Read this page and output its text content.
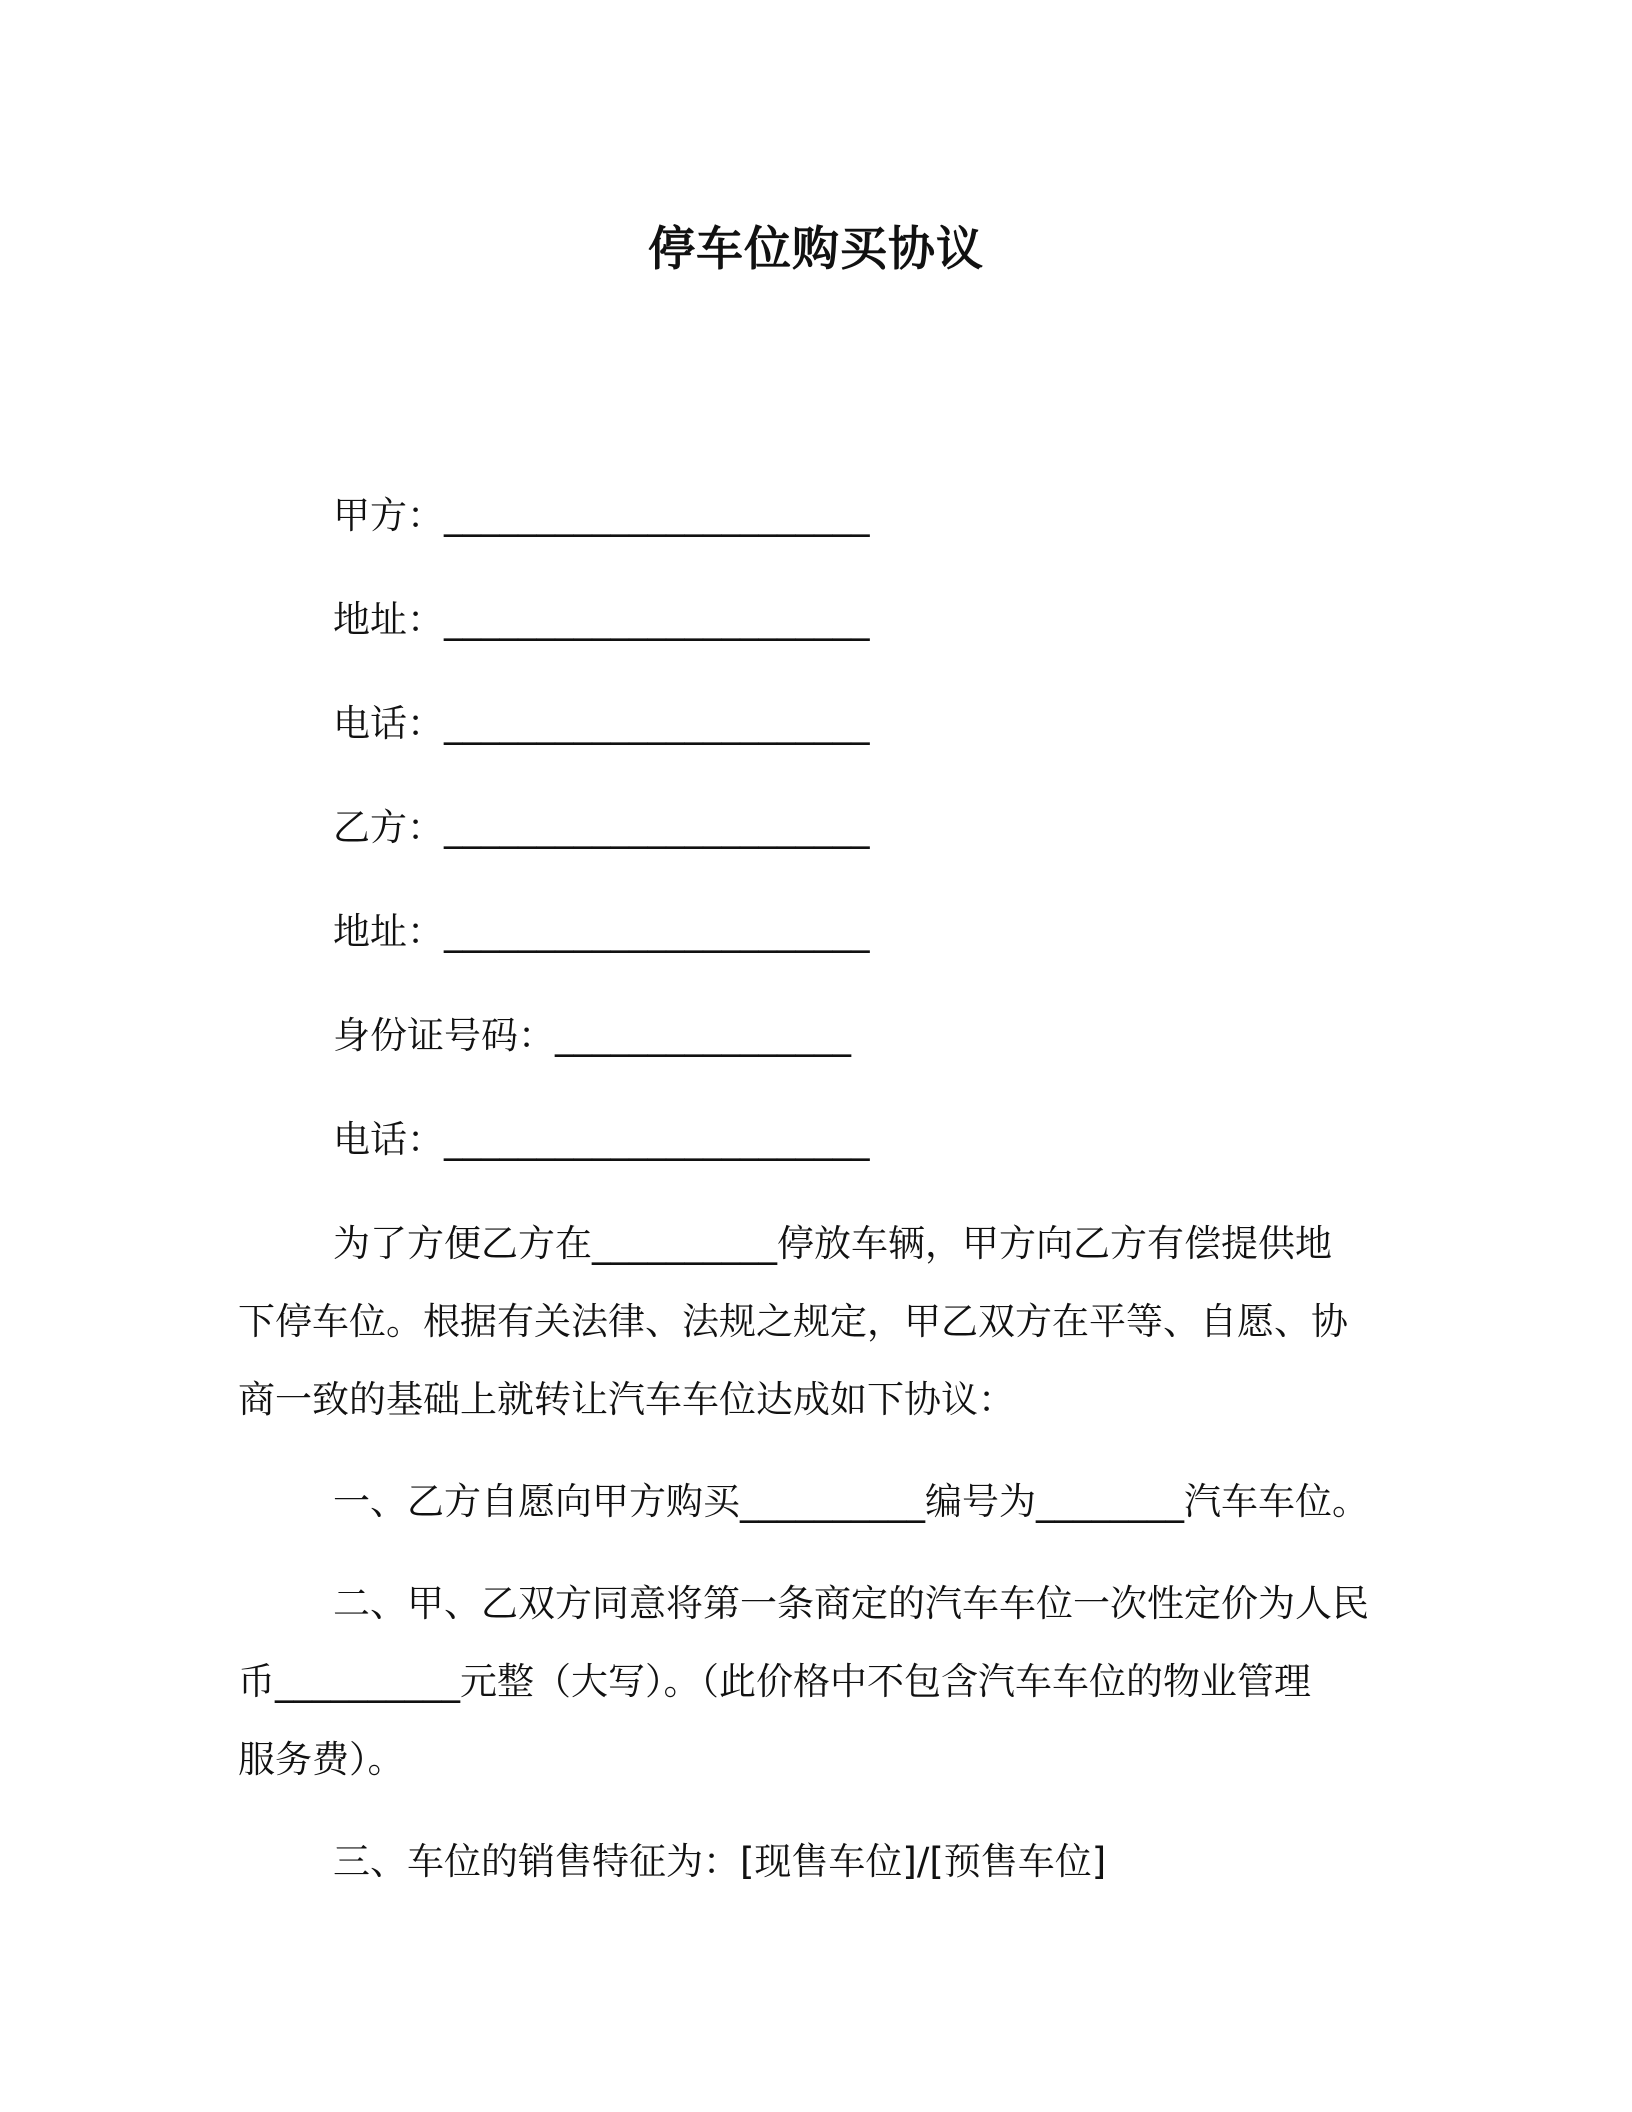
停车位购买协议
甲方：_______________________
地址：_______________________
电话：_______________________
乙方：_______________________
地址：_______________________
身份证号码：________________
电话：_______________________
为了方便乙方在__________停放车辆，甲方向乙方有偿提供地
下停车位。根据有关法律、法规之规定，甲乙双方在平等、自愿、协
商一致的基础上就转让汽车车位达成如下协议：
一、乙方自愿向甲方购买__________编号为________汽车车位。
二、甲、乙双方同意将第一条商定的汽车车位一次性定价为人民
币__________元整（大写）。（此价格中不包含汽车车位的物业管理
服务费）。
三、车位的销售特征为：[现售车位]/[预售车位]
